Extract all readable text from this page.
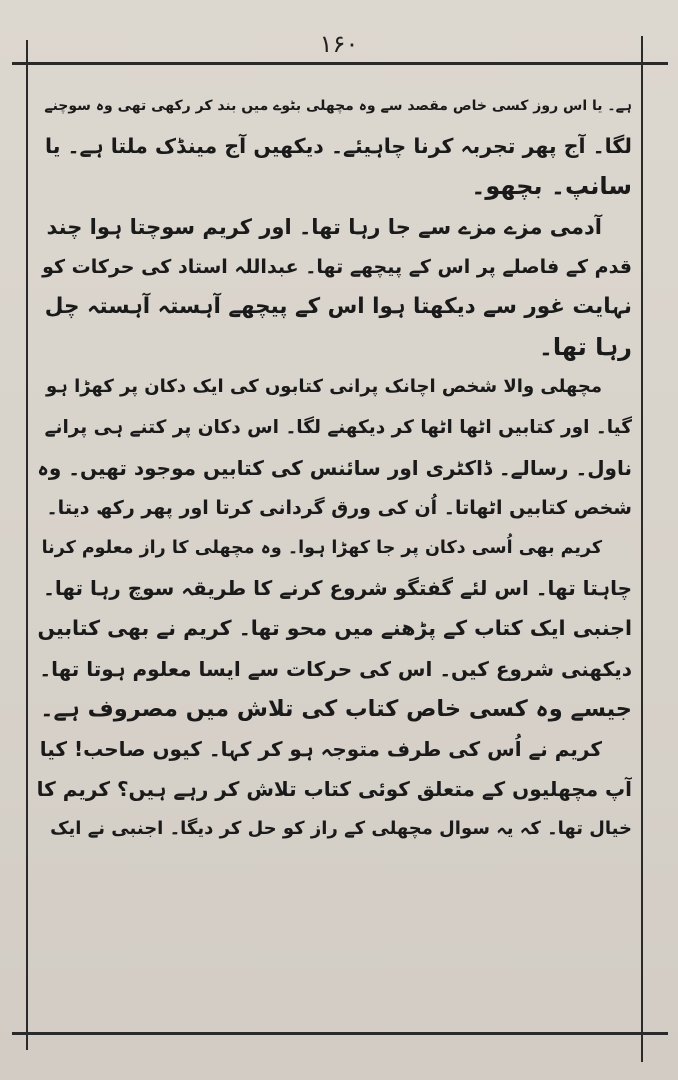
۱۶۰
ہے۔ یا اس روز کسی خاص مقصد سے وہ مچھلی بٹوے میں بند کر رکھی تھی وہ سوچنے
لگا۔ آج پھر تجربہ کرنا چاہیئے۔ دیکھیں آج مینڈک ملتا ہے۔ یا
سانپ۔ بچھو۔
آدمی مزے مزے سے جا رہا تھا۔ اور کریم سوچتا ہوا چند
قدم کے فاصلے پر اس کے پیچھے تھا۔ عبداللہ استاد کی حرکات کو
نہایت غور سے دیکھتا ہوا اس کے پیچھے آہستہ آہستہ چل
رہا تھا۔
مچھلی والا شخص اچانک پرانی کتابوں کی ایک دکان پر کھڑا ہو
گیا۔ اور کتابیں اٹھا اٹھا کر دیکھنے لگا۔ اس دکان پر کتنے ہی پرانے
ناول۔ رسالے۔ ڈاکٹری اور سائنس کی کتابیں موجود تھیں۔ وہ
شخص کتابیں اٹھاتا۔ اُن کی ورق گردانی کرتا اور پھر رکھ دیتا۔
کریم بھی اُسی دکان پر جا کھڑا ہوا۔ وہ مچھلی کا راز معلوم کرنا
چاہتا تھا۔ اس لئے گفتگو شروع کرنے کا طریقہ سوچ رہا تھا۔
اجنبی ایک کتاب کے پڑھنے میں محو تھا۔ کریم نے بھی کتابیں
دیکھنی شروع کیں۔ اس کی حرکات سے ایسا معلوم ہوتا تھا۔
جیسے وہ کسی خاص کتاب کی تلاش میں مصروف ہے۔
کریم نے اُس کی طرف متوجہ ہو کر کہا۔ کیوں صاحب! کیا
آپ مچھلیوں کے متعلق کوئی کتاب تلاش کر رہے ہیں؟ کریم کا
خیال تھا۔ کہ یہ سوال مچھلی کے راز کو حل کر دیگا۔ اجنبی نے ایک
